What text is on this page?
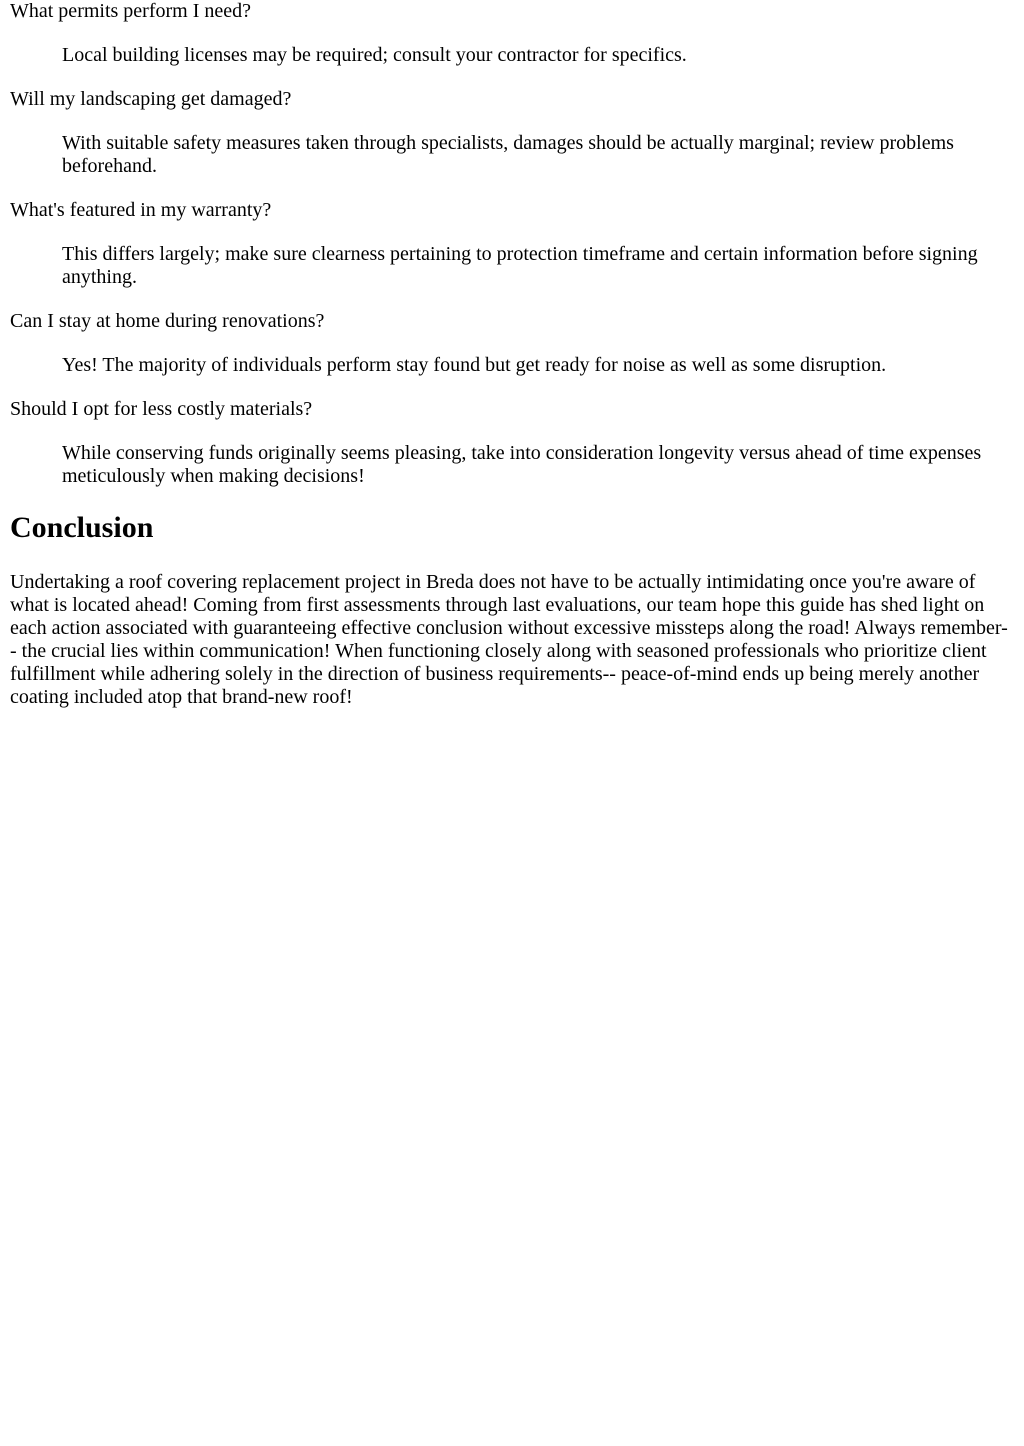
What permits perform I need?
Local building licenses may be required; consult your contractor for specifics.
Will my landscaping get damaged?
With suitable safety measures taken through specialists, damages should be actually marginal; review problems beforehand.
What's featured in my warranty?
This differs largely; make sure clearness pertaining to protection timeframe and certain information before signing anything.
Can I stay at home during renovations?
Yes! The majority of individuals perform stay found but get ready for noise as well as some disruption.
Should I opt for less costly materials?
While conserving funds originally seems pleasing, take into consideration longevity versus ahead of time expenses meticulously when making decisions!
Conclusion

Undertaking a roof covering replacement project in Breda does not have to be actually intimidating once you're aware of what is located ahead! Coming from first assessments through last evaluations, our team hope this guide has shed light on each action associated with guaranteeing effective conclusion without excessive missteps along the road! Always remember-- the crucial lies within communication! When functioning closely along with seasoned professionals who prioritize client fulfillment while adhering solely in the direction of business requirements-- peace-of-mind ends up being merely another coating included atop that brand-new roof!
